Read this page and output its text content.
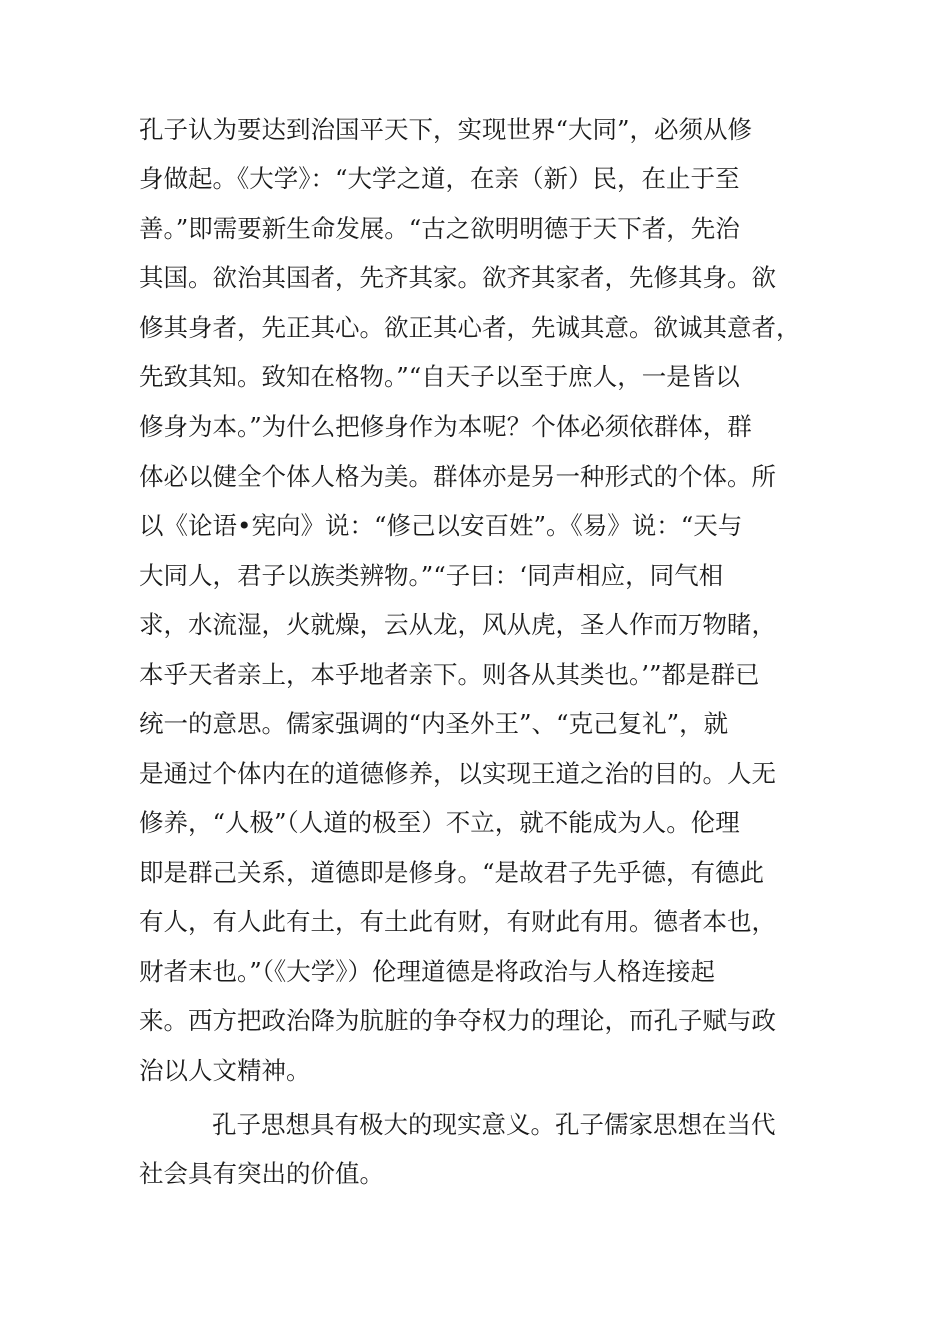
孔子认为要达到治国平天下，实现世界“大同”，必须从修
身做起。《大学》：“大学之道，在亲（新）民，在止于至
善。”即需要新生命发展。“古之欲明明德于天下者，先治
其国。欲治其国者，先齐其家。欲齐其家者，先修其身。欲
修其身者，先正其心。欲正其心者，先诚其意。欲诚其意者，
先致其知。致知在格物。”“自天子以至于庶人，一是皆以
修身为本。”为什么把修身作为本呢？个体必须依群体，群
体必以健全个体人格为美。群体亦是另一种形式的个体。所
以《论语•宪向》说：“修己以安百姓”。《易》说：“天与
大同人，君子以族类辨物。”“子曰：‘同声相应，同气相
求，水流湿，火就燥，云从龙，风从虎，圣人作而万物睹，
本乎天者亲上，本乎地者亲下。则各从其类也。’”都是群已
统一的意思。儒家强调的“内圣外王”、“克己复礼”，就
是通过个体内在的道德修养，以实现王道之治的目的。人无
修养，“人极”（人道的极至）不立，就不能成为人。伦理
即是群己关系，道德即是修身。“是故君子先乎德，有德此
有人，有人此有土，有土此有财，有财此有用。德者本也，
财者末也。”（《大学》）伦理道德是将政治与人格连接起
来。西方把政治降为肮脏的争夺权力的理论，而孔子赋与政
治以人文精神。
孔子思想具有极大的现实意义。孔子儒家思想在当代
社会具有突出的价值。
